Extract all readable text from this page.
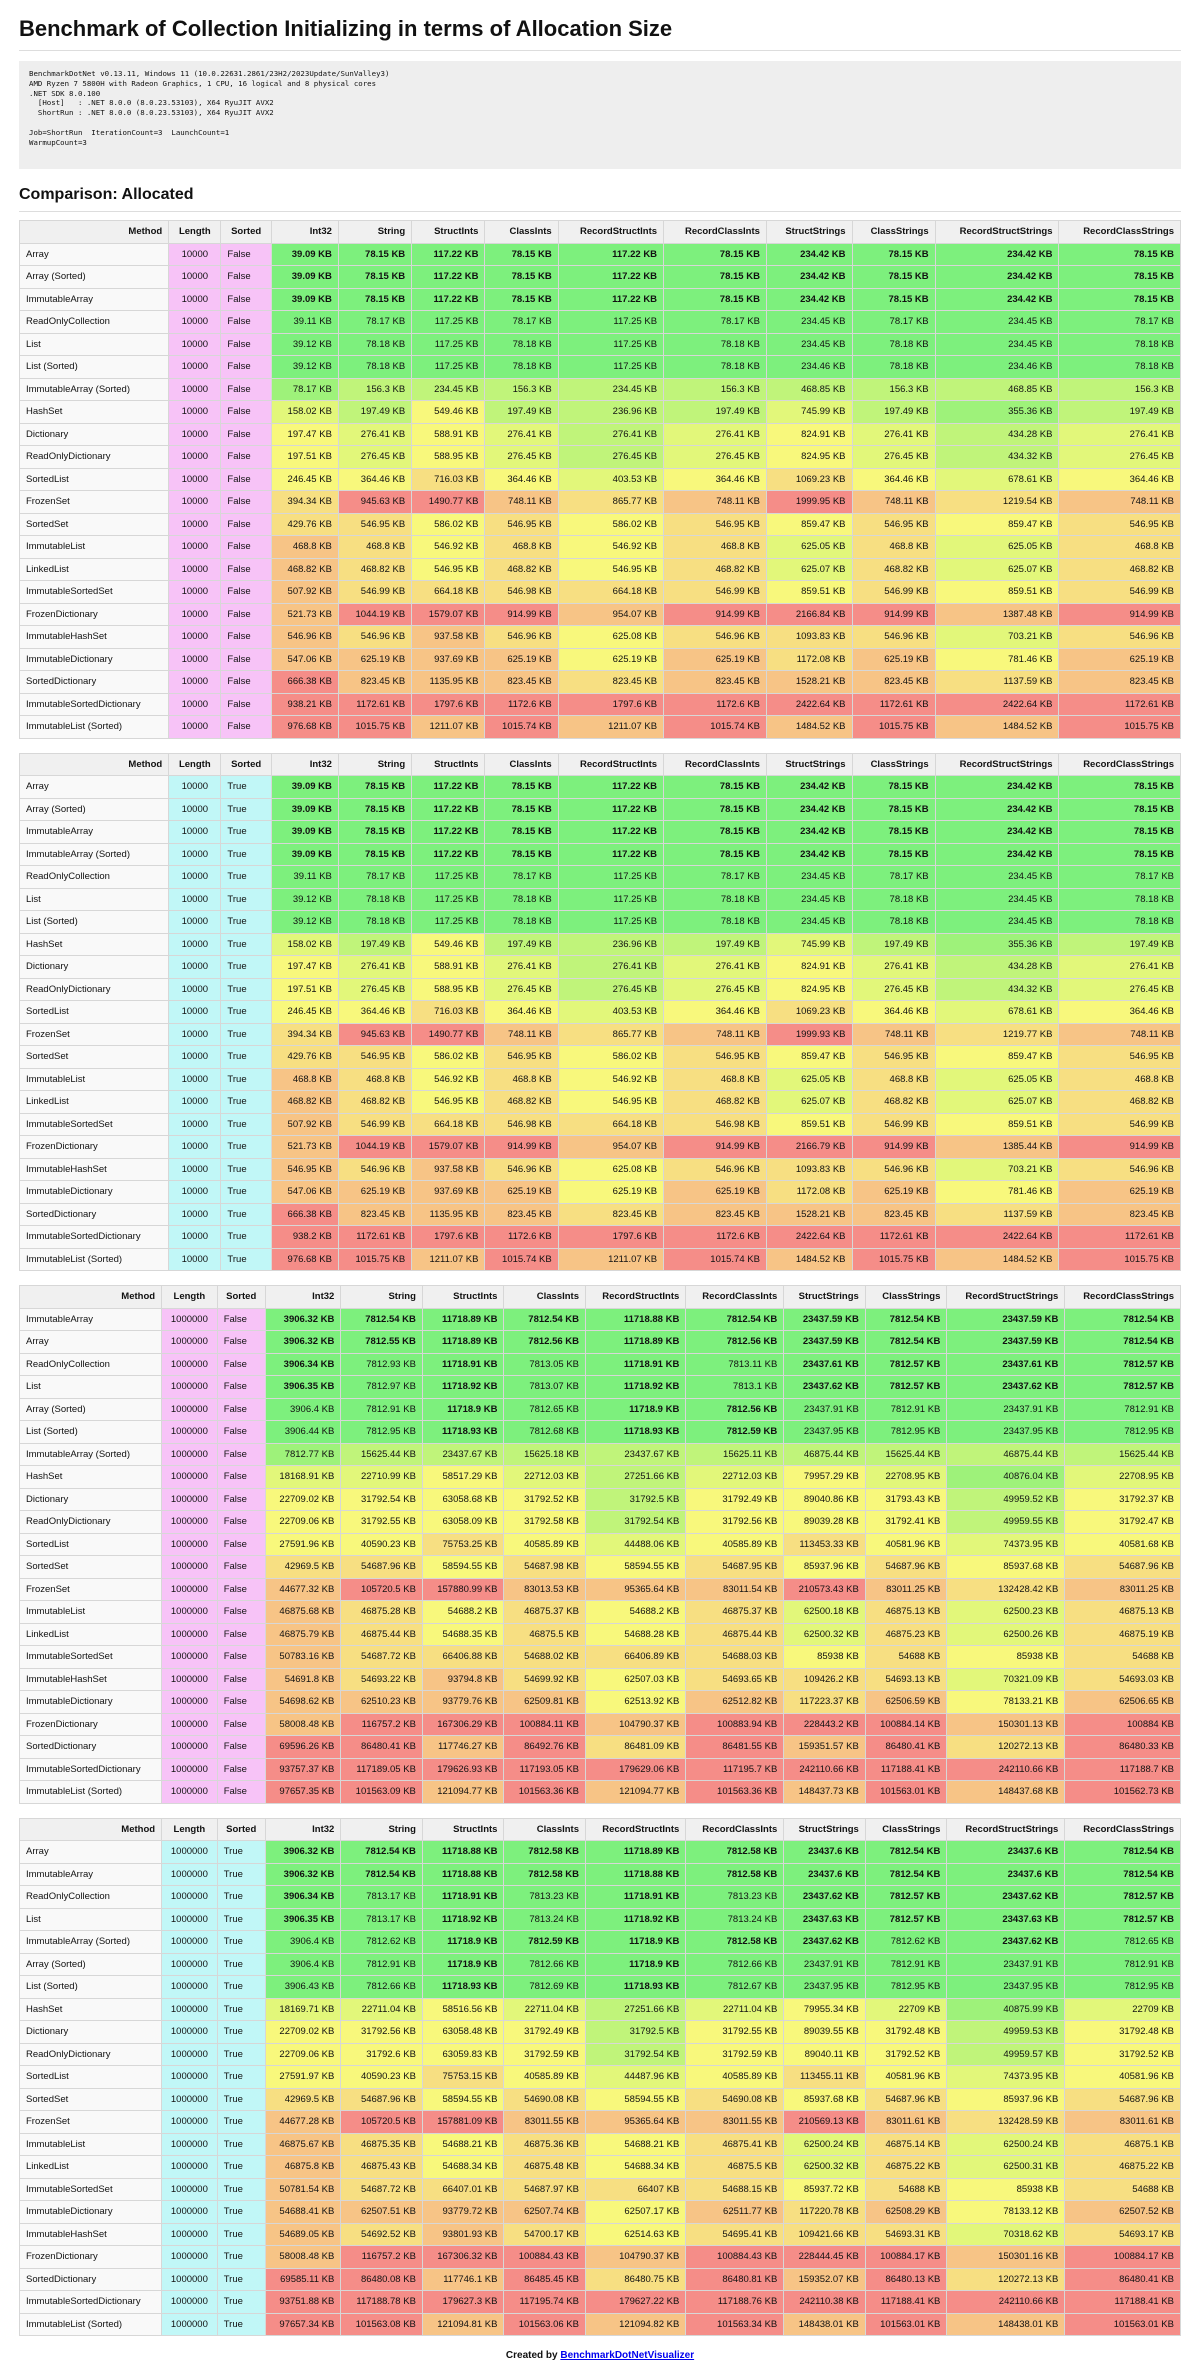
Benchmark of Collection Initializing in terms of Allocation Size
BenchmarkDotNet v0.13.11, Windows 11 (10.0.22631.2861/23H2/2023Update/SunValley3)
AMD Ryzen 7 5800H with Radeon Graphics, 1 CPU, 16 logical and 8 physical cores
.NET SDK 8.0.100
[Host]   : .NET 8.0.0 (8.0.23.53103), X64 RyuJIT AVX2
ShortRun : .NET 8.0.0 (8.0.23.53103), X64 RyuJIT AVX2

Job=ShortRun  IterationCount=3  LaunchCount=1
WarmupCount=3
Comparison: Allocated
Method	Length	Sorted	Int32	String	StructInts	ClassInts	RecordStructInts	RecordClassInts	StructStrings	ClassStrings	RecordStructStrings	RecordClassStrings
Array	10000	False	39.09 KB	78.15 KB	117.22 KB	78.15 KB	117.22 KB	78.15 KB	234.42 KB	78.15 KB	234.42 KB	78.15 KB
Array (Sorted)	10000	False	39.09 KB	78.15 KB	117.22 KB	78.15 KB	117.22 KB	78.15 KB	234.42 KB	78.15 KB	234.42 KB	78.15 KB
ImmutableArray	10000	False	39.09 KB	78.15 KB	117.22 KB	78.15 KB	117.22 KB	78.15 KB	234.42 KB	78.15 KB	234.42 KB	78.15 KB
ReadOnlyCollection	10000	False	39.11 KB	78.17 KB	117.25 KB	78.17 KB	117.25 KB	78.17 KB	234.45 KB	78.17 KB	234.45 KB	78.17 KB
List	10000	False	39.12 KB	78.18 KB	117.25 KB	78.18 KB	117.25 KB	78.18 KB	234.45 KB	78.18 KB	234.45 KB	78.18 KB
List (Sorted)	10000	False	39.12 KB	78.18 KB	117.25 KB	78.18 KB	117.25 KB	78.18 KB	234.46 KB	78.18 KB	234.46 KB	78.18 KB
ImmutableArray (Sorted)	10000	False	78.17 KB	156.3 KB	234.45 KB	156.3 KB	234.45 KB	156.3 KB	468.85 KB	156.3 KB	468.85 KB	156.3 KB
HashSet	10000	False	158.02 KB	197.49 KB	549.46 KB	197.49 KB	236.96 KB	197.49 KB	745.99 KB	197.49 KB	355.36 KB	197.49 KB
Dictionary	10000	False	197.47 KB	276.41 KB	588.91 KB	276.41 KB	276.41 KB	276.41 KB	824.91 KB	276.41 KB	434.28 KB	276.41 KB
ReadOnlyDictionary	10000	False	197.51 KB	276.45 KB	588.95 KB	276.45 KB	276.45 KB	276.45 KB	824.95 KB	276.45 KB	434.32 KB	276.45 KB
SortedList	10000	False	246.45 KB	364.46 KB	716.03 KB	364.46 KB	403.53 KB	364.46 KB	1069.23 KB	364.46 KB	678.61 KB	364.46 KB
FrozenSet	10000	False	394.34 KB	945.63 KB	1490.77 KB	748.11 KB	865.77 KB	748.11 KB	1999.95 KB	748.11 KB	1219.54 KB	748.11 KB
SortedSet	10000	False	429.76 KB	546.95 KB	586.02 KB	546.95 KB	586.02 KB	546.95 KB	859.47 KB	546.95 KB	859.47 KB	546.95 KB
ImmutableList	10000	False	468.8 KB	468.8 KB	546.92 KB	468.8 KB	546.92 KB	468.8 KB	625.05 KB	468.8 KB	625.05 KB	468.8 KB
LinkedList	10000	False	468.82 KB	468.82 KB	546.95 KB	468.82 KB	546.95 KB	468.82 KB	625.07 KB	468.82 KB	625.07 KB	468.82 KB
ImmutableSortedSet	10000	False	507.92 KB	546.99 KB	664.18 KB	546.98 KB	664.18 KB	546.99 KB	859.51 KB	546.99 KB	859.51 KB	546.99 KB
FrozenDictionary	10000	False	521.73 KB	1044.19 KB	1579.07 KB	914.99 KB	954.07 KB	914.99 KB	2166.84 KB	914.99 KB	1387.48 KB	914.99 KB
ImmutableHashSet	10000	False	546.96 KB	546.96 KB	937.58 KB	546.96 KB	625.08 KB	546.96 KB	1093.83 KB	546.96 KB	703.21 KB	546.96 KB
ImmutableDictionary	10000	False	547.06 KB	625.19 KB	937.69 KB	625.19 KB	625.19 KB	625.19 KB	1172.08 KB	625.19 KB	781.46 KB	625.19 KB
SortedDictionary	10000	False	666.38 KB	823.45 KB	1135.95 KB	823.45 KB	823.45 KB	823.45 KB	1528.21 KB	823.45 KB	1137.59 KB	823.45 KB
ImmutableSortedDictionary	10000	False	938.21 KB	1172.61 KB	1797.6 KB	1172.6 KB	1797.6 KB	1172.6 KB	2422.64 KB	1172.61 KB	2422.64 KB	1172.61 KB
ImmutableList (Sorted)	10000	False	976.68 KB	1015.75 KB	1211.07 KB	1015.74 KB	1211.07 KB	1015.74 KB	1484.52 KB	1015.75 KB	1484.52 KB	1015.75 KB
Method	Length	Sorted	Int32	String	StructInts	ClassInts	RecordStructInts	RecordClassInts	StructStrings	ClassStrings	RecordStructStrings	RecordClassStrings
Array	10000	True	39.09 KB	78.15 KB	117.22 KB	78.15 KB	117.22 KB	78.15 KB	234.42 KB	78.15 KB	234.42 KB	78.15 KB
Array (Sorted)	10000	True	39.09 KB	78.15 KB	117.22 KB	78.15 KB	117.22 KB	78.15 KB	234.42 KB	78.15 KB	234.42 KB	78.15 KB
ImmutableArray	10000	True	39.09 KB	78.15 KB	117.22 KB	78.15 KB	117.22 KB	78.15 KB	234.42 KB	78.15 KB	234.42 KB	78.15 KB
ImmutableArray (Sorted)	10000	True	39.09 KB	78.15 KB	117.22 KB	78.15 KB	117.22 KB	78.15 KB	234.42 KB	78.15 KB	234.42 KB	78.15 KB
ReadOnlyCollection	10000	True	39.11 KB	78.17 KB	117.25 KB	78.17 KB	117.25 KB	78.17 KB	234.45 KB	78.17 KB	234.45 KB	78.17 KB
List	10000	True	39.12 KB	78.18 KB	117.25 KB	78.18 KB	117.25 KB	78.18 KB	234.45 KB	78.18 KB	234.45 KB	78.18 KB
List (Sorted)	10000	True	39.12 KB	78.18 KB	117.25 KB	78.18 KB	117.25 KB	78.18 KB	234.45 KB	78.18 KB	234.45 KB	78.18 KB
HashSet	10000	True	158.02 KB	197.49 KB	549.46 KB	197.49 KB	236.96 KB	197.49 KB	745.99 KB	197.49 KB	355.36 KB	197.49 KB
Dictionary	10000	True	197.47 KB	276.41 KB	588.91 KB	276.41 KB	276.41 KB	276.41 KB	824.91 KB	276.41 KB	434.28 KB	276.41 KB
ReadOnlyDictionary	10000	True	197.51 KB	276.45 KB	588.95 KB	276.45 KB	276.45 KB	276.45 KB	824.95 KB	276.45 KB	434.32 KB	276.45 KB
SortedList	10000	True	246.45 KB	364.46 KB	716.03 KB	364.46 KB	403.53 KB	364.46 KB	1069.23 KB	364.46 KB	678.61 KB	364.46 KB
FrozenSet	10000	True	394.34 KB	945.63 KB	1490.77 KB	748.11 KB	865.77 KB	748.11 KB	1999.93 KB	748.11 KB	1219.77 KB	748.11 KB
SortedSet	10000	True	429.76 KB	546.95 KB	586.02 KB	546.95 KB	586.02 KB	546.95 KB	859.47 KB	546.95 KB	859.47 KB	546.95 KB
ImmutableList	10000	True	468.8 KB	468.8 KB	546.92 KB	468.8 KB	546.92 KB	468.8 KB	625.05 KB	468.8 KB	625.05 KB	468.8 KB
LinkedList	10000	True	468.82 KB	468.82 KB	546.95 KB	468.82 KB	546.95 KB	468.82 KB	625.07 KB	468.82 KB	625.07 KB	468.82 KB
ImmutableSortedSet	10000	True	507.92 KB	546.99 KB	664.18 KB	546.98 KB	664.18 KB	546.98 KB	859.51 KB	546.99 KB	859.51 KB	546.99 KB
FrozenDictionary	10000	True	521.73 KB	1044.19 KB	1579.07 KB	914.99 KB	954.07 KB	914.99 KB	2166.79 KB	914.99 KB	1385.44 KB	914.99 KB
ImmutableHashSet	10000	True	546.95 KB	546.96 KB	937.58 KB	546.96 KB	625.08 KB	546.96 KB	1093.83 KB	546.96 KB	703.21 KB	546.96 KB
ImmutableDictionary	10000	True	547.06 KB	625.19 KB	937.69 KB	625.19 KB	625.19 KB	625.19 KB	1172.08 KB	625.19 KB	781.46 KB	625.19 KB
SortedDictionary	10000	True	666.38 KB	823.45 KB	1135.95 KB	823.45 KB	823.45 KB	823.45 KB	1528.21 KB	823.45 KB	1137.59 KB	823.45 KB
ImmutableSortedDictionary	10000	True	938.2 KB	1172.61 KB	1797.6 KB	1172.6 KB	1797.6 KB	1172.6 KB	2422.64 KB	1172.61 KB	2422.64 KB	1172.61 KB
ImmutableList (Sorted)	10000	True	976.68 KB	1015.75 KB	1211.07 KB	1015.74 KB	1211.07 KB	1015.74 KB	1484.52 KB	1015.75 KB	1484.52 KB	1015.75 KB
Method	Length	Sorted	Int32	String	StructInts	ClassInts	RecordStructInts	RecordClassInts	StructStrings	ClassStrings	RecordStructStrings	RecordClassStrings
ImmutableArray	1000000	False	3906.32 KB	7812.54 KB	11718.89 KB	7812.54 KB	11718.88 KB	7812.54 KB	23437.59 KB	7812.54 KB	23437.59 KB	7812.54 KB
Array	1000000	False	3906.32 KB	7812.55 KB	11718.89 KB	7812.56 KB	11718.89 KB	7812.56 KB	23437.59 KB	7812.54 KB	23437.59 KB	7812.54 KB
ReadOnlyCollection	1000000	False	3906.34 KB	7812.93 KB	11718.91 KB	7813.05 KB	11718.91 KB	7813.11 KB	23437.61 KB	7812.57 KB	23437.61 KB	7812.57 KB
List	1000000	False	3906.35 KB	7812.97 KB	11718.92 KB	7813.07 KB	11718.92 KB	7813.1 KB	23437.62 KB	7812.57 KB	23437.62 KB	7812.57 KB
Array (Sorted)	1000000	False	3906.4 KB	7812.91 KB	11718.9 KB	7812.65 KB	11718.9 KB	7812.56 KB	23437.91 KB	7812.91 KB	23437.91 KB	7812.91 KB
List (Sorted)	1000000	False	3906.44 KB	7812.95 KB	11718.93 KB	7812.68 KB	11718.93 KB	7812.59 KB	23437.95 KB	7812.95 KB	23437.95 KB	7812.95 KB
ImmutableArray (Sorted)	1000000	False	7812.77 KB	15625.44 KB	23437.67 KB	15625.18 KB	23437.67 KB	15625.11 KB	46875.44 KB	15625.44 KB	46875.44 KB	15625.44 KB
HashSet	1000000	False	18168.91 KB	22710.99 KB	58517.29 KB	22712.03 KB	27251.66 KB	22712.03 KB	79957.29 KB	22708.95 KB	40876.04 KB	22708.95 KB
Dictionary	1000000	False	22709.02 KB	31792.54 KB	63058.68 KB	31792.52 KB	31792.5 KB	31792.49 KB	89040.86 KB	31793.43 KB	49959.52 KB	31792.37 KB
ReadOnlyDictionary	1000000	False	22709.06 KB	31792.55 KB	63058.09 KB	31792.58 KB	31792.54 KB	31792.56 KB	89039.28 KB	31792.41 KB	49959.55 KB	31792.47 KB
SortedList	1000000	False	27591.96 KB	40590.23 KB	75753.25 KB	40585.89 KB	44488.06 KB	40585.89 KB	113453.33 KB	40581.96 KB	74373.95 KB	40581.68 KB
SortedSet	1000000	False	42969.5 KB	54687.96 KB	58594.55 KB	54687.98 KB	58594.55 KB	54687.95 KB	85937.96 KB	54687.96 KB	85937.68 KB	54687.96 KB
FrozenSet	1000000	False	44677.32 KB	105720.5 KB	157880.99 KB	83013.53 KB	95365.64 KB	83011.54 KB	210573.43 KB	83011.25 KB	132428.42 KB	83011.25 KB
ImmutableList	1000000	False	46875.68 KB	46875.28 KB	54688.2 KB	46875.37 KB	54688.2 KB	46875.37 KB	62500.18 KB	46875.13 KB	62500.23 KB	46875.13 KB
LinkedList	1000000	False	46875.79 KB	46875.44 KB	54688.35 KB	46875.5 KB	54688.28 KB	46875.44 KB	62500.32 KB	46875.23 KB	62500.26 KB	46875.19 KB
ImmutableSortedSet	1000000	False	50783.16 KB	54687.72 KB	66406.88 KB	54688.02 KB	66406.89 KB	54688.03 KB	85938 KB	54688 KB	85938 KB	54688 KB
ImmutableHashSet	1000000	False	54691.8 KB	54693.22 KB	93794.8 KB	54699.92 KB	62507.03 KB	54693.65 KB	109426.2 KB	54693.13 KB	70321.09 KB	54693.03 KB
ImmutableDictionary	1000000	False	54698.62 KB	62510.23 KB	93779.76 KB	62509.81 KB	62513.92 KB	62512.82 KB	117223.37 KB	62506.59 KB	78133.21 KB	62506.65 KB
FrozenDictionary	1000000	False	58008.48 KB	116757.2 KB	167306.29 KB	100884.11 KB	104790.37 KB	100883.94 KB	228443.2 KB	100884.14 KB	150301.13 KB	100884 KB
SortedDictionary	1000000	False	69596.26 KB	86480.41 KB	117746.27 KB	86492.76 KB	86481.09 KB	86481.55 KB	159351.57 KB	86480.41 KB	120272.13 KB	86480.33 KB
ImmutableSortedDictionary	1000000	False	93757.37 KB	117189.05 KB	179626.93 KB	117193.05 KB	179629.06 KB	117195.7 KB	242110.66 KB	117188.41 KB	242110.66 KB	117188.7 KB
ImmutableList (Sorted)	1000000	False	97657.35 KB	101563.09 KB	121094.77 KB	101563.36 KB	121094.77 KB	101563.36 KB	148437.73 KB	101563.01 KB	148437.68 KB	101562.73 KB
Method	Length	Sorted	Int32	String	StructInts	ClassInts	RecordStructInts	RecordClassInts	StructStrings	ClassStrings	RecordStructStrings	RecordClassStrings
Array	1000000	True	3906.32 KB	7812.54 KB	11718.88 KB	7812.58 KB	11718.89 KB	7812.58 KB	23437.6 KB	7812.54 KB	23437.6 KB	7812.54 KB
ImmutableArray	1000000	True	3906.32 KB	7812.54 KB	11718.88 KB	7812.58 KB	11718.88 KB	7812.58 KB	23437.6 KB	7812.54 KB	23437.6 KB	7812.54 KB
ReadOnlyCollection	1000000	True	3906.34 KB	7813.17 KB	11718.91 KB	7813.23 KB	11718.91 KB	7813.23 KB	23437.62 KB	7812.57 KB	23437.62 KB	7812.57 KB
List	1000000	True	3906.35 KB	7813.17 KB	11718.92 KB	7813.24 KB	11718.92 KB	7813.24 KB	23437.63 KB	7812.57 KB	23437.63 KB	7812.57 KB
ImmutableArray (Sorted)	1000000	True	3906.4 KB	7812.62 KB	11718.9 KB	7812.59 KB	11718.9 KB	7812.58 KB	23437.62 KB	7812.62 KB	23437.62 KB	7812.65 KB
Array (Sorted)	1000000	True	3906.4 KB	7812.91 KB	11718.9 KB	7812.66 KB	11718.9 KB	7812.66 KB	23437.91 KB	7812.91 KB	23437.91 KB	7812.91 KB
List (Sorted)	1000000	True	3906.43 KB	7812.66 KB	11718.93 KB	7812.69 KB	11718.93 KB	7812.67 KB	23437.95 KB	7812.95 KB	23437.95 KB	7812.95 KB
HashSet	1000000	True	18169.71 KB	22711.04 KB	58516.56 KB	22711.04 KB	27251.66 KB	22711.04 KB	79955.34 KB	22709 KB	40875.99 KB	22709 KB
Dictionary	1000000	True	22709.02 KB	31792.56 KB	63058.48 KB	31792.49 KB	31792.5 KB	31792.55 KB	89039.55 KB	31792.48 KB	49959.53 KB	31792.48 KB
ReadOnlyDictionary	1000000	True	22709.06 KB	31792.6 KB	63059.83 KB	31792.59 KB	31792.54 KB	31792.59 KB	89040.11 KB	31792.52 KB	49959.57 KB	31792.52 KB
SortedList	1000000	True	27591.97 KB	40590.23 KB	75753.15 KB	40585.89 KB	44487.96 KB	40585.89 KB	113455.11 KB	40581.96 KB	74373.95 KB	40581.96 KB
SortedSet	1000000	True	42969.5 KB	54687.96 KB	58594.55 KB	54690.08 KB	58594.55 KB	54690.08 KB	85937.68 KB	54687.96 KB	85937.96 KB	54687.96 KB
FrozenSet	1000000	True	44677.28 KB	105720.5 KB	157881.09 KB	83011.55 KB	95365.64 KB	83011.55 KB	210569.13 KB	83011.61 KB	132428.59 KB	83011.61 KB
ImmutableList	1000000	True	46875.67 KB	46875.35 KB	54688.21 KB	46875.36 KB	54688.21 KB	46875.41 KB	62500.24 KB	46875.14 KB	62500.24 KB	46875.1 KB
LinkedList	1000000	True	46875.8 KB	46875.43 KB	54688.34 KB	46875.48 KB	54688.34 KB	46875.5 KB	62500.32 KB	46875.22 KB	62500.31 KB	46875.22 KB
ImmutableSortedSet	1000000	True	50781.54 KB	54687.72 KB	66407.01 KB	54687.97 KB	66407 KB	54688.15 KB	85937.72 KB	54688 KB	85938 KB	54688 KB
ImmutableDictionary	1000000	True	54688.41 KB	62507.51 KB	93779.72 KB	62507.74 KB	62507.17 KB	62511.77 KB	117220.78 KB	62508.29 KB	78133.12 KB	62507.52 KB
ImmutableHashSet	1000000	True	54689.05 KB	54692.52 KB	93801.93 KB	54700.17 KB	62514.63 KB	54695.41 KB	109421.66 KB	54693.31 KB	70318.62 KB	54693.17 KB
FrozenDictionary	1000000	True	58008.48 KB	116757.2 KB	167306.32 KB	100884.43 KB	104790.37 KB	100884.43 KB	228444.45 KB	100884.17 KB	150301.16 KB	100884.17 KB
SortedDictionary	1000000	True	69585.11 KB	86480.08 KB	117746.1 KB	86485.45 KB	86480.75 KB	86480.81 KB	159352.07 KB	86480.13 KB	120272.13 KB	86480.41 KB
ImmutableSortedDictionary	1000000	True	93751.88 KB	117188.78 KB	179627.3 KB	117195.74 KB	179627.22 KB	117188.76 KB	242110.38 KB	117188.41 KB	242110.66 KB	117188.41 KB
ImmutableList (Sorted)	1000000	True	97657.34 KB	101563.08 KB	121094.81 KB	101563.06 KB	121094.82 KB	101563.34 KB	148438.01 KB	101563.01 KB	148438.01 KB	101563.01 KB
Created by BenchmarkDotNetVisualizer
